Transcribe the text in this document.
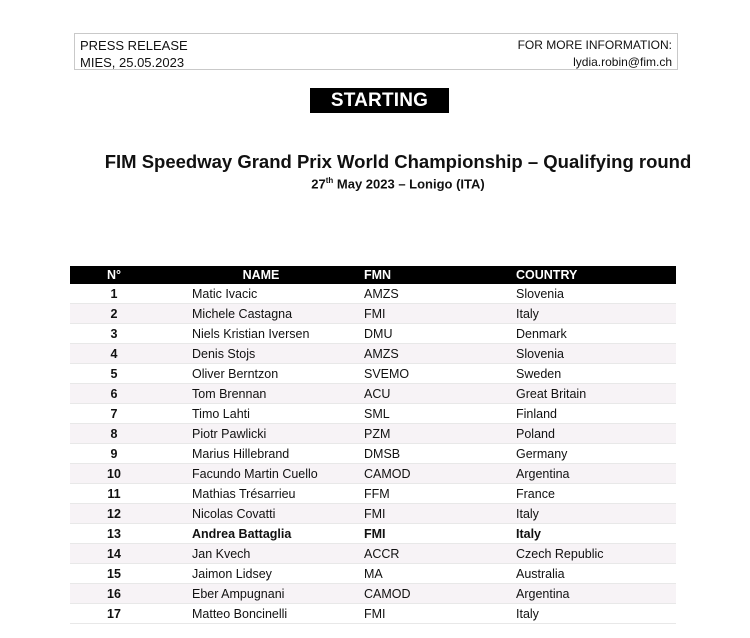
PRESS RELEASE
MIES, 25.05.2023
FOR MORE INFORMATION:
lydia.robin@fim.ch
STARTING LIST
FIM Speedway Grand Prix World Championship – Qualifying round
27th May 2023 – Lonigo (ITA)
N°	NAME	FMN	COUNTRY
1	Matic Ivacic	AMZS	Slovenia
2	Michele Castagna	FMI	Italy
3	Niels Kristian Iversen	DMU	Denmark
4	Denis Stojs	AMZS	Slovenia
5	Oliver Berntzon	SVEMO	Sweden
6	Tom Brennan	ACU	Great Britain
7	Timo Lahti	SML	Finland
8	Piotr Pawlicki	PZM	Poland
9	Marius Hillebrand	DMSB	Germany
10	Facundo Martin Cuello	CAMOD	Argentina
11	Mathias Trésarrieu	FFM	France
12	Nicolas Covatti	FMI	Italy
13	Andrea Battaglia	FMI	Italy
14	Jan Kvech	ACCR	Czech Republic
15	Jaimon Lidsey	MA	Australia
16	Eber Ampugnani	CAMOD	Argentina
17	Matteo Boncinelli	FMI	Italy
